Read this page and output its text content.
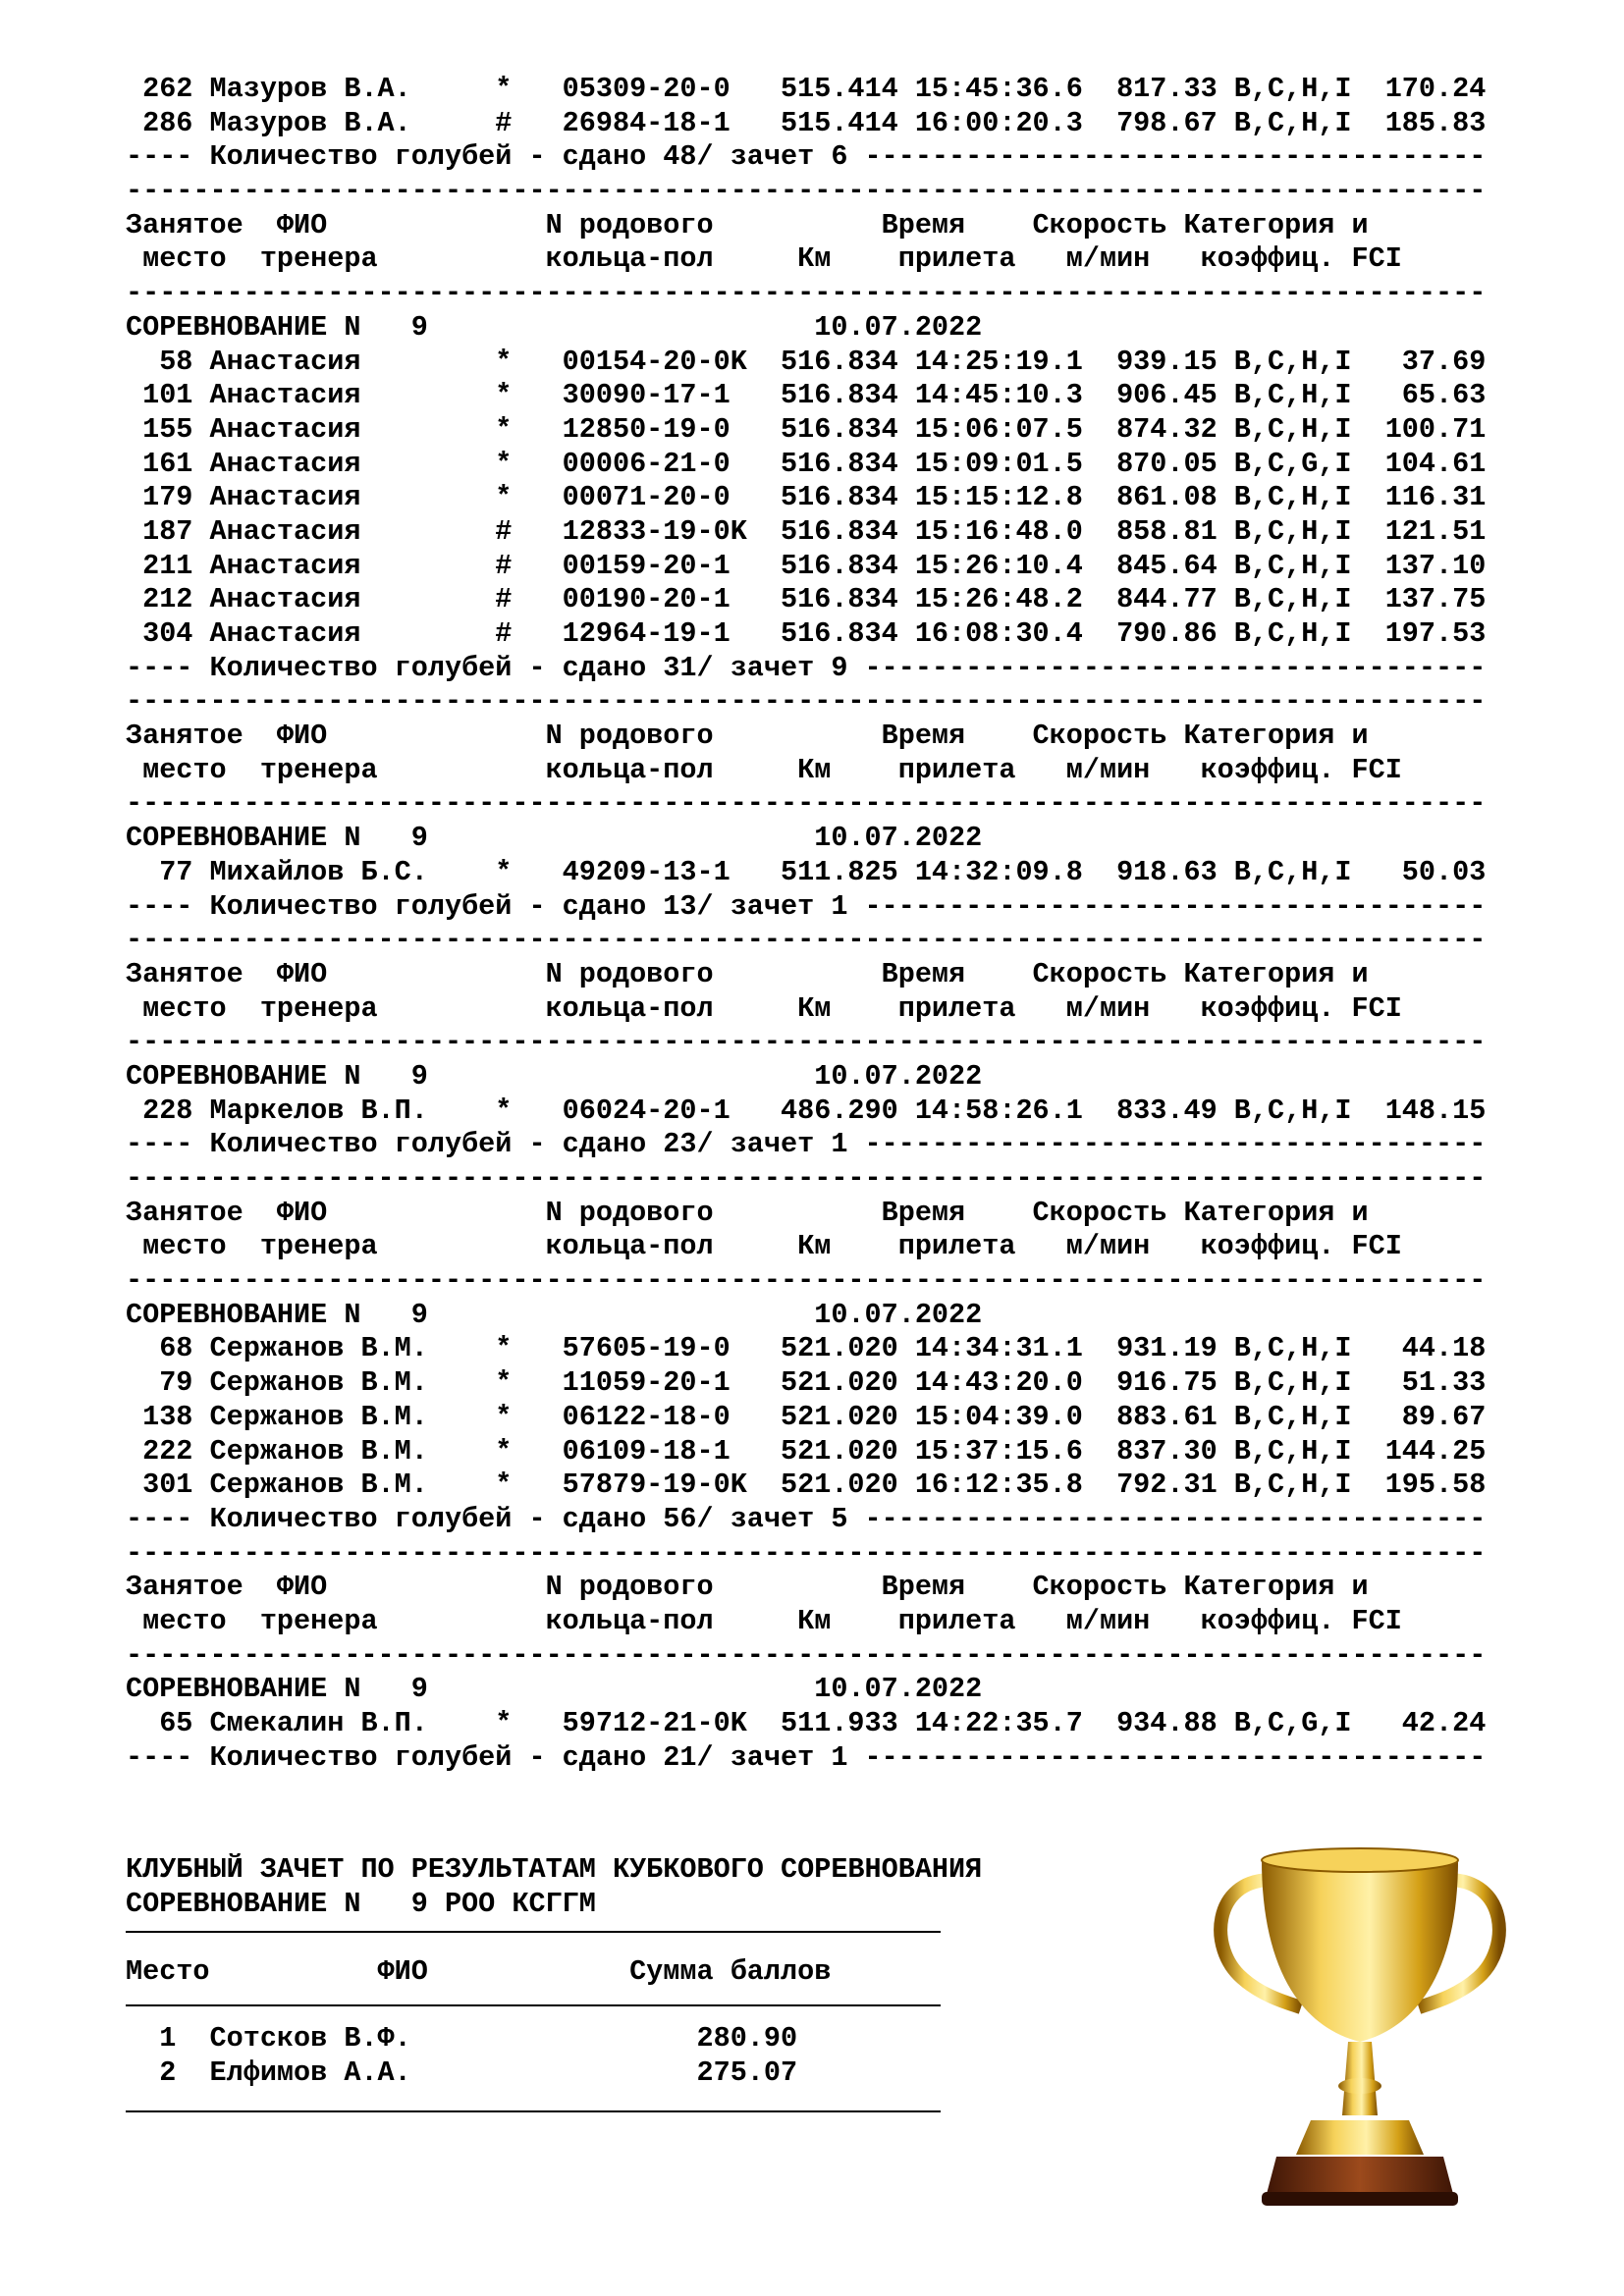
262 Мазуров В.А.     *   05309-20-0   515.414 15:45:36.6  817.33 B,C,H,I  170.24
286 Мазуров В.А.     #   26984-18-1   515.414 16:00:20.3  798.67 B,C,H,I  185.83
---- Количество голубей - сдано 48/ зачет 6 -------------------------------------
---------------------------------------------------------------------------------
Занятое  ФИО             N родового          Время    Скорость Категория и
место  тренера          кольца-пол     Км    прилета   м/мин   коэффиц. FCI
---------------------------------------------------------------------------------
СОРЕВНОВАНИЕ N   9                       10.07.2022
58 Анастасия        *   00154-20-0K  516.834 14:25:19.1  939.15 B,C,H,I   37.69
101 Анастасия        *   30090-17-1   516.834 14:45:10.3  906.45 B,C,H,I   65.63
155 Анастасия        *   12850-19-0   516.834 15:06:07.5  874.32 B,C,H,I  100.71
161 Анастасия        *   00006-21-0   516.834 15:09:01.5  870.05 B,C,G,I  104.61
179 Анастасия        *   00071-20-0   516.834 15:15:12.8  861.08 B,C,H,I  116.31
187 Анастасия        #   12833-19-0K  516.834 15:16:48.0  858.81 B,C,H,I  121.51
211 Анастасия        #   00159-20-1   516.834 15:26:10.4  845.64 B,C,H,I  137.10
212 Анастасия        #   00190-20-1   516.834 15:26:48.2  844.77 B,C,H,I  137.75
304 Анастасия        #   12964-19-1   516.834 16:08:30.4  790.86 B,C,H,I  197.53
---- Количество голубей - сдано 31/ зачет 9 -------------------------------------
---------------------------------------------------------------------------------
Занятое  ФИО             N родового          Время    Скорость Категория и
место  тренера          кольца-пол     Км    прилета   м/мин   коэффиц. FCI
---------------------------------------------------------------------------------
СОРЕВНОВАНИЕ N   9                       10.07.2022
77 Михайлов Б.С.    *   49209-13-1   511.825 14:32:09.8  918.63 B,C,H,I   50.03
---- Количество голубей - сдано 13/ зачет 1 -------------------------------------
---------------------------------------------------------------------------------
Занятое  ФИО             N родового          Время    Скорость Категория и
место  тренера          кольца-пол     Км    прилета   м/мин   коэффиц. FCI
---------------------------------------------------------------------------------
СОРЕВНОВАНИЕ N   9                       10.07.2022
228 Маркелов В.П.    *   06024-20-1   486.290 14:58:26.1  833.49 B,C,H,I  148.15
---- Количество голубей - сдано 23/ зачет 1 -------------------------------------
---------------------------------------------------------------------------------
Занятое  ФИО             N родового          Время    Скорость Категория и
место  тренера          кольца-пол     Км    прилета   м/мин   коэффиц. FCI
---------------------------------------------------------------------------------
СОРЕВНОВАНИЕ N   9                       10.07.2022
68 Сержанов В.М.    *   57605-19-0   521.020 14:34:31.1  931.19 B,C,H,I   44.18
79 Сержанов В.М.    *   11059-20-1   521.020 14:43:20.0  916.75 B,C,H,I   51.33
138 Сержанов В.М.    *   06122-18-0   521.020 15:04:39.0  883.61 B,C,H,I   89.67
222 Сержанов В.М.    *   06109-18-1   521.020 15:37:15.6  837.30 B,C,H,I  144.25
301 Сержанов В.М.    *   57879-19-0K  521.020 16:12:35.8  792.31 B,C,H,I  195.58
---- Количество голубей - сдано 56/ зачет 5 -------------------------------------
---------------------------------------------------------------------------------
Занятое  ФИО             N родового          Время    Скорость Категория и
место  тренера          кольца-пол     Км    прилета   м/мин   коэффиц. FCI
---------------------------------------------------------------------------------
СОРЕВНОВАНИЕ N   9                       10.07.2022
65 Смекалин В.П.    *   59712-21-0K  511.933 14:22:35.7  934.88 B,C,G,I   42.24
---- Количество голубей - сдано 21/ зачет 1 -------------------------------------
КЛУБНЫЙ ЗАЧЕТ ПО РЕЗУЛЬТАТАМ КУБКОВОГО СОРЕВНОВАНИЯ
СОРЕВНОВАНИЕ N   9 РОО КСГГМ
Место          ФИО            Сумма баллов
1  Сотсков В.Ф.                 280.90
2  Елфимов А.А.                 275.07
